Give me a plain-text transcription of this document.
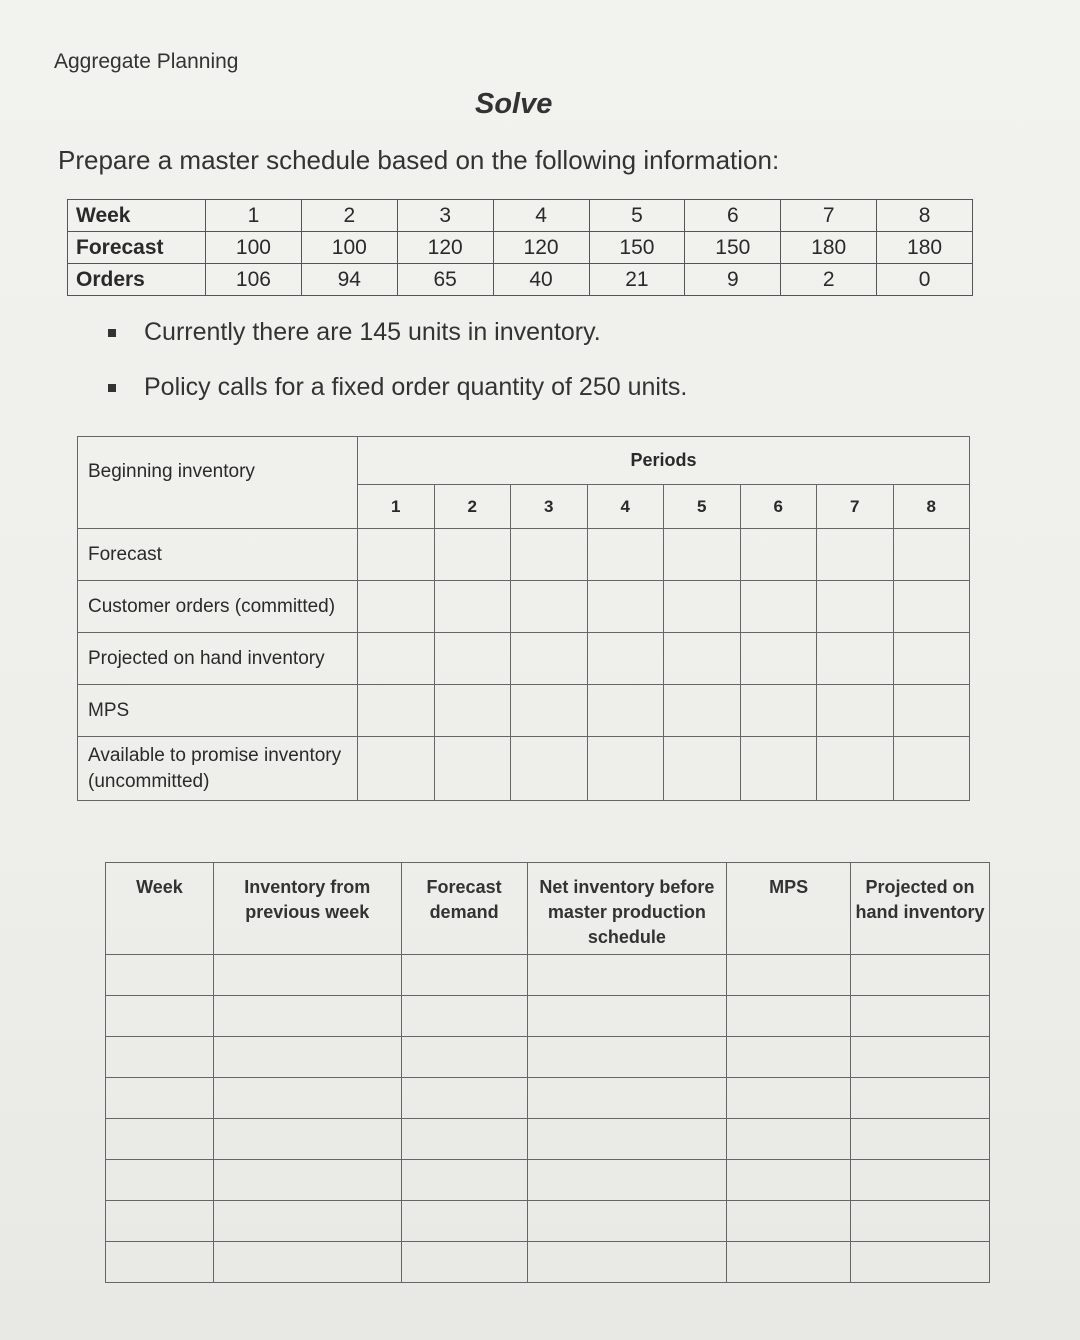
Aggregate Planning
Solve
Prepare a master schedule based on the following information:
Week	1	2	3	4	5	6	7	8
Forecast	100	100	120	120	150	150	180	180
Orders	106	94	65	40	21	9	2	0
Currently there are 145 units in inventory.
Policy calls for a fixed order quantity of 250 units.
Beginning inventory	Periods							
	1	2	3	4	5	6	7	8
Forecast								
Customer orders (committed)								
Projected on hand inventory								
MPS								
Available to promise inventory (uncommitted)								
Week	Inventory from previous week	Forecast demand	Net inventory before master production schedule	MPS	Projected on hand inventory
